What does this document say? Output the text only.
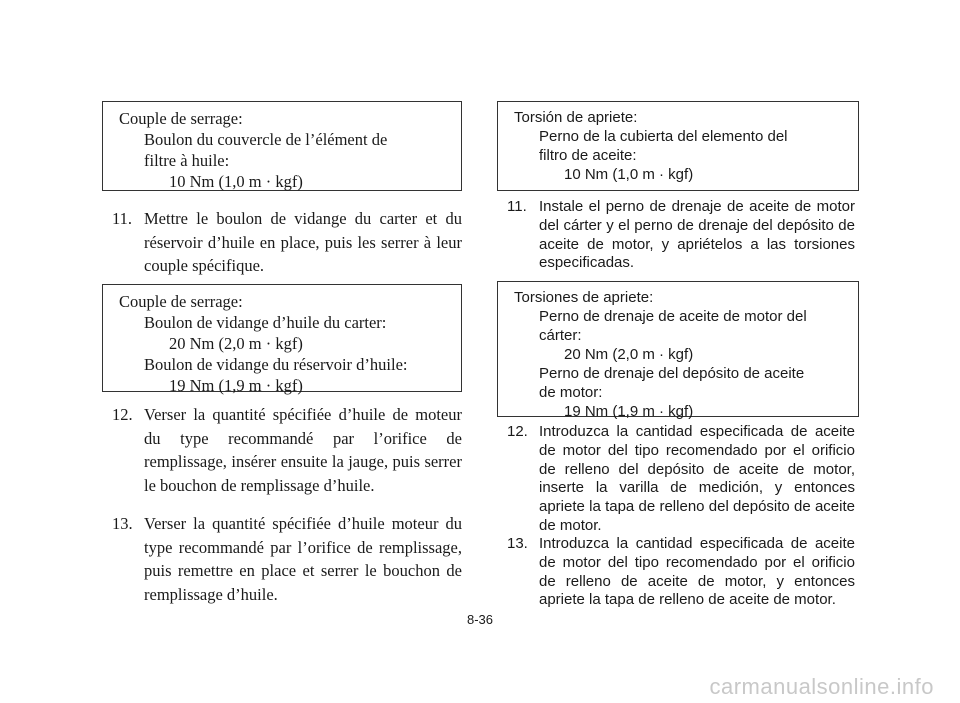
Couple de serrage:

Boulon du couvercle de l’élément de

filtre à huile:

10 Nm (1,0 m · kgf)

11. Mettre le boulon de vidange du carter et du réservoir d’huile en place, puis les serrer à leur couple spécifique.

Couple de serrage:

Boulon de vidange d’huile du carter:

20 Nm (2,0 m · kgf)

Boulon de vidange du réservoir d’huile:

19 Nm (1,9 m · kgf)

12. Verser la quantité spécifiée d’huile de moteur du type recommandé par l’orifice de remplissage, insérer ensuite la jauge, puis serrer le bouchon de remplissage d’huile.
13. Verser la quantité spécifiée d’huile moteur du type recommandé par l’orifice de remplissage, puis remettre en place et serrer le bouchon de remplissage d’huile.

Torsión de apriete:

Perno de la cubierta del elemento del

filtro de aceite:

10 Nm (1,0 m · kgf)

11. Instale el perno de drenaje de aceite de motor del cárter y el perno de drenaje del depósito de aceite de motor, y apriételos a las torsiones especificadas.

Torsiones de apriete:

Perno de drenaje de aceite de motor del

cárter:

20 Nm (2,0 m · kgf)

Perno de drenaje del depósito de aceite

de motor:

19 Nm (1,9 m · kgf)

12. Introduzca la cantidad especificada de aceite de motor del tipo recomendado por el orificio de relleno del depósito de aceite de motor, inserte la varilla de medición, y entonces apriete la tapa de relleno del depósito de aceite de motor.
13. Introduzca la cantidad especificada de aceite de motor del tipo recomendado por el orificio de relleno de aceite de motor, y entonces apriete la tapa de relleno de aceite de motor.
8-36
carmanualsonline.info
